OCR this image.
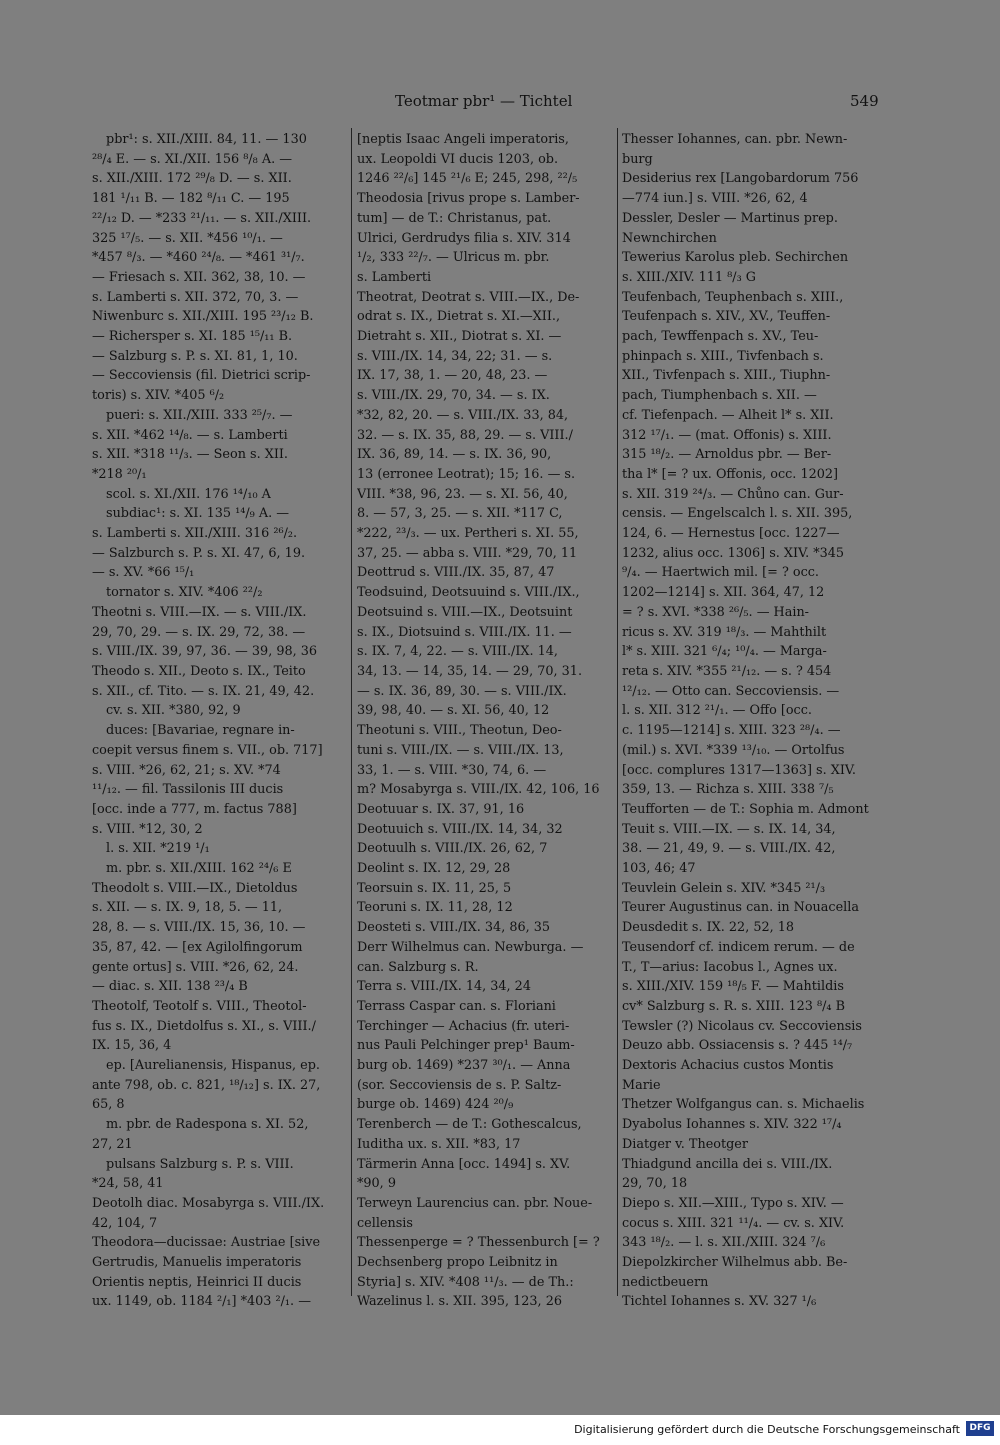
Teotmar pbr¹ — Tichtel	549
pbr¹: s. XII./XIII. 84, 11. — 130
²⁸/₄ E. — s. XI./XII. 156 ⁸/₈ A. —
s. XII./XIII. 172 ²⁹/₈ D. — s. XII.
181 ¹/₁₁ B. — 182 ⁸/₁₁ C. — 195
²²/₁₂ D. — *233 ²¹/₁₁. — s. XII./XIII.
325 ¹⁷/₅. — s. XII. *456 ¹⁰/₁. —
*457 ⁸/₃. — *460 ²⁴/₈. — *461 ³¹/₇.
— Friesach s. XII. 362, 38, 10. —
s. Lamberti s. XII. 372, 70, 3. —
Niwenburc s. XII./XIII. 195 ²³/₁₂ B.
— Richersper s. XI. 185 ¹⁵/₁₁ B.
— Salzburg s. P. s. XI. 81, 1, 10.
— Seccoviensis (fil. Dietrici scrip-
toris) s. XIV. *405 ⁶/₂
pueri: s. XII./XIII. 333 ²⁵/₇. —
s. XII. *462 ¹⁴/₈. — s. Lamberti
s. XII. *318 ¹¹/₃. — Seon s. XII.
*218 ²⁰/₁
scol. s. XI./XII. 176 ¹⁴/₁₀ A
subdiac¹: s. XI. 135 ¹⁴/₉ A. —
s. Lamberti s. XII./XIII. 316 ²⁶/₂.
— Salzburch s. P. s. XI. 47, 6, 19.
— s. XV. *66 ¹⁵/₁
tornator s. XIV. *406 ²²/₂
Theotni s. VIII.—IX. — s. VIII./IX.
29, 70, 29. — s. IX. 29, 72, 38. —
s. VIII./IX. 39, 97, 36. — 39, 98, 36
Theodo s. XII., Deoto s. IX., Teito
s. XII., cf. Tito. — s. IX. 21, 49, 42.
cv. s. XII. *380, 92, 9
duces: [Bavariae, regnare in-
coepit versus finem s. VII., ob. 717]
s. VIII. *26, 62, 21; s. XV. *74
¹¹/₁₂. — fil. Tassilonis III ducis
[occ. inde a 777, m. factus 788]
s. VIII. *12, 30, 2
l. s. XII. *219 ¹/₁
m. pbr. s. XII./XIII. 162 ²⁴/₆ E
Theodolt s. VIII.—IX., Dietoldus
s. XII. — s. IX. 9, 18, 5. — 11,
28, 8. — s. VIII./IX. 15, 36, 10. —
35, 87, 42. — [ex Agilolfingorum
gente ortus] s. VIII. *26, 62, 24.
— diac. s. XII. 138 ²³/₄ B
Theotolf, Teotolf s. VIII., Theotol-
fus s. IX., Dietdolfus s. XI., s. VIII./
IX. 15, 36, 4
ep. [Aurelianensis, Hispanus, ep.
ante 798, ob. c. 821, ¹⁸/₁₂] s. IX. 27,
65, 8
m. pbr. de Radespona s. XI. 52,
27, 21
pulsans Salzburg s. P. s. VIII.
*24, 58, 41
Deotolh diac. Mosabyrga s. VIII./IX.
42, 104, 7
Theodora—ducissae: Austriae [sive
Gertrudis, Manuelis imperatoris
Orientis neptis, Heinrici II ducis
ux. 1149, ob. 1184 ²/₁] *403 ²/₁. —
[neptis Isaac Angeli imperatoris,
ux. Leopoldi VI ducis 1203, ob.
1246 ²²/₆] 145 ²¹/₆ E; 245, 298, ²²/₅
Theodosia [rivus prope s. Lamber-
tum] — de T.: Christanus, pat.
Ulrici, Gerdrudys filia s. XIV. 314
¹/₂, 333 ²²/₇. — Ulricus m. pbr.
s. Lamberti
Theotrat, Deotrat s. VIII.—IX., De-
odrat s. IX., Dietrat s. XI.—XII.,
Dietraht s. XII., Diotrat s. XI. —
s. VIII./IX. 14, 34, 22; 31. — s.
IX. 17, 38, 1. — 20, 48, 23. —
s. VIII./IX. 29, 70, 34. — s. IX.
*32, 82, 20. — s. VIII./IX. 33, 84,
32. — s. IX. 35, 88, 29. — s. VIII./
IX. 36, 89, 14. — s. IX. 36, 90,
13 (erronee Leotrat); 15; 16. — s.
VIII. *38, 96, 23. — s. XI. 56, 40,
8. — 57, 3, 25. — s. XII. *117 C,
*222, ²³/₃. — ux. Pertheri s. XI. 55,
37, 25. — abba s. VIII. *29, 70, 11
Deottrud s. VIII./IX. 35, 87, 47
Teodsuind, Deotsuuind s. VIII./IX.,
Deotsuind s. VIII.—IX., Deotsuint
s. IX., Diotsuind s. VIII./IX. 11. —
s. IX. 7, 4, 22. — s. VIII./IX. 14,
34, 13. — 14, 35, 14. — 29, 70, 31.
— s. IX. 36, 89, 30. — s. VIII./IX.
39, 98, 40. — s. XI. 56, 40, 12
Theotuni s. VIII., Theotun, Deo-
tuni s. VIII./IX. — s. VIII./IX. 13,
33, 1. — s. VIII. *30, 74, 6. —
m? Mosabyrga s. VIII./IX. 42, 106, 16
Deotuuar s. IX. 37, 91, 16
Deotuuich s. VIII./IX. 14, 34, 32
Deotuulh s. VIII./IX. 26, 62, 7
Deolint s. IX. 12, 29, 28
Teorsuin s. IX. 11, 25, 5
Teoruni s. IX. 11, 28, 12
Deosteti s. VIII./IX. 34, 86, 35
Derr Wilhelmus can. Newburga. —
can. Salzburg s. R.
Terra s. VIII./IX. 14, 34, 24
Terrass Caspar can. s. Floriani
Terchinger — Achacius (fr. uteri-
nus Pauli Pelchinger prep¹ Baum-
burg ob. 1469) *237 ³⁰/₁. — Anna
(sor. Seccoviensis de s. P. Saltz-
burge ob. 1469) 424 ²⁰/₉
Terenberch — de T.: Gothescalcus,
Iuditha ux. s. XII. *83, 17
Tärmerin Anna [occ. 1494] s. XV.
*90, 9
Terweyn Laurencius can. pbr. Noue-
cellensis
Thessenperge = ? Thessenburch [= ?
Dechsenberg propo Leibnitz in
Styria] s. XIV. *408 ¹¹/₃. — de Th.:
Wazelinus l. s. XII. 395, 123, 26
Thesser Iohannes, can. pbr. Newn-
burg
Desiderius rex [Langobardorum 756
—774 iun.] s. VIII. *26, 62, 4
Dessler, Desler — Martinus prep.
Newnchirchen
Tewerius Karolus pleb. Sechirchen
s. XIII./XIV. 111 ⁸/₃ G
Teufenbach, Teuphenbach s. XIII.,
Teufenpach s. XIV., XV., Teuffen-
pach, Tewffenpach s. XV., Teu-
phinpach s. XIII., Tivfenbach s.
XII., Tivfenpach s. XIII., Tiuphn-
pach, Tiumphenbach s. XII. —
cf. Tiefenpach. — Alheit l* s. XII.
312 ¹⁷/₁. — (mat. Offonis) s. XIII.
315 ¹⁸/₂. — Arnoldus pbr. — Ber-
tha l* [= ? ux. Offonis, occ. 1202]
s. XII. 319 ²⁴/₃. — Chůno can. Gur-
censis. — Engelscalch l. s. XII. 395,
124, 6. — Hernestus [occ. 1227—
1232, alius occ. 1306] s. XIV. *345
⁹/₄. — Haertwich mil. [= ? occ.
1202—1214] s. XII. 364, 47, 12
= ? s. XVI. *338 ²⁶/₅. — Hain-
ricus s. XV. 319 ¹⁸/₃. — Mahthilt
l* s. XIII. 321 ⁶/₄; ¹⁰/₄. — Marga-
reta s. XIV. *355 ²¹/₁₂. — s. ? 454
¹²/₁₂. — Otto can. Seccoviensis. —
l. s. XII. 312 ²¹/₁. — Offo [occ.
c. 1195—1214] s. XIII. 323 ²⁸/₄. —
(mil.) s. XVI. *339 ¹³/₁₀. — Ortolfus
[occ. complures 1317—1363] s. XIV.
359, 13. — Richza s. XIII. 338 ⁷/₅
Teufforten — de T.: Sophia m. Admont
Teuit s. VIII.—IX. — s. IX. 14, 34,
38. — 21, 49, 9. — s. VIII./IX. 42,
103, 46; 47
Teuvlein Gelein s. XIV. *345 ²¹/₃
Teurer Augustinus can. in Nouacella
Deusdedit s. IX. 22, 52, 18
Teusendorf cf. indicem rerum. — de
T., T—arius: Iacobus l., Agnes ux.
s. XIII./XIV. 159 ¹⁸/₅ F. — Mahtildis
cv* Salzburg s. R. s. XIII. 123 ⁸/₄ B
Tewsler (?) Nicolaus cv. Seccoviensis
Deuzo abb. Ossiacensis s. ? 445 ¹⁴/₇
Dextoris Achacius custos Montis
Marie
Thetzer Wolfgangus can. s. Michaelis
Dyabolus Iohannes s. XIV. 322 ¹⁷/₄
Diatger v. Theotger
Thiadgund ancilla dei s. VIII./IX.
29, 70, 18
Diepo s. XII.—XIII., Typo s. XIV. —
cocus s. XIII. 321 ¹¹/₄. — cv. s. XIV.
343 ¹⁸/₂. — l. s. XII./XIII. 324 ⁷/₆
Diepolzkircher Wilhelmus abb. Be-
nedictbeuern
Tichtel Iohannes s. XV. 327 ¹/₆
Digitalisierung gefördert durch die Deutsche Forschungsgemeinschaft	DFG
